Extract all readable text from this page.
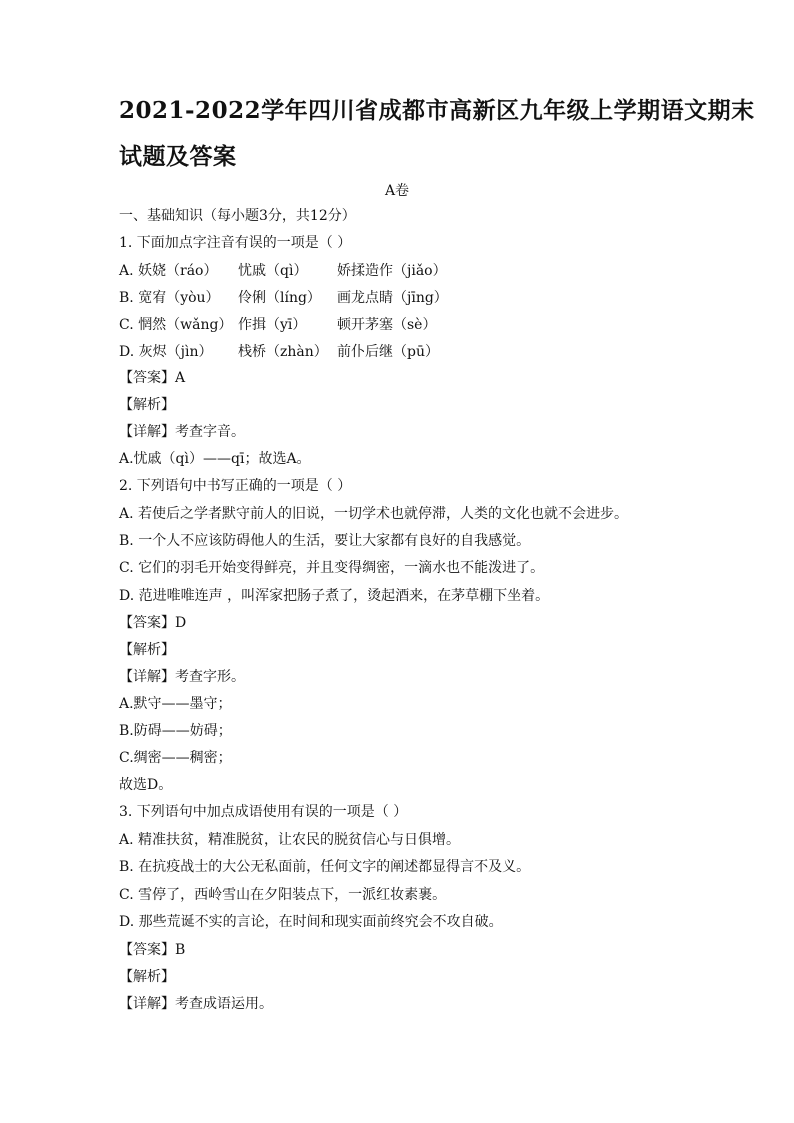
2021-2022学年四川省成都市高新区九年级上学期语文期末
试题及答案
A卷
一、基础知识（每小题3分，共12分）
1. 下面加点字注音有误的一项是（ ）
A. 妖娆（ráo） 忧戚（qì） 娇揉造作（jiǎo）
B. 宽宥（yòu） 伶俐（líng） 画龙点睛（jīng）
C. 惘然（wǎng） 作揖（yī） 顿开茅塞（sè）
D. 灰烬（jìn） 栈桥（zhàn） 前仆后继（pū）
【答案】A
【解析】
【详解】考查字音。
A.忧戚（qì）——qī；故选A。
2. 下列语句中书写正确的一项是（ ）
A. 若使后之学者默守前人的旧说，一切学术也就停滞，人类的文化也就不会进步。
B. 一个人不应该防碍他人的生活，要让大家都有良好的自我感觉。
C. 它们的羽毛开始变得鲜亮，并且变得绸密，一滴水也不能泼进了。
D. 范进唯唯连声 ，叫浑家把肠子煮了，烫起酒来，在茅草棚下坐着。
【答案】D
【解析】
【详解】考查字形。
A.默守——墨守；
B.防碍——妨碍；
C.绸密——稠密；
故选D。
3. 下列语句中加点成语使用有误的一项是（ ）
A. 精准扶贫，精准脱贫，让农民的脱贫信心与日俱增。
B. 在抗疫战士的大公无私面前，任何文字的阐述都显得言不及义。
C. 雪停了，西岭雪山在夕阳装点下，一派红妆素裹。
D. 那些荒诞不实的言论，在时间和现实面前终究会不攻自破。
【答案】B
【解析】
【详解】考查成语运用。
